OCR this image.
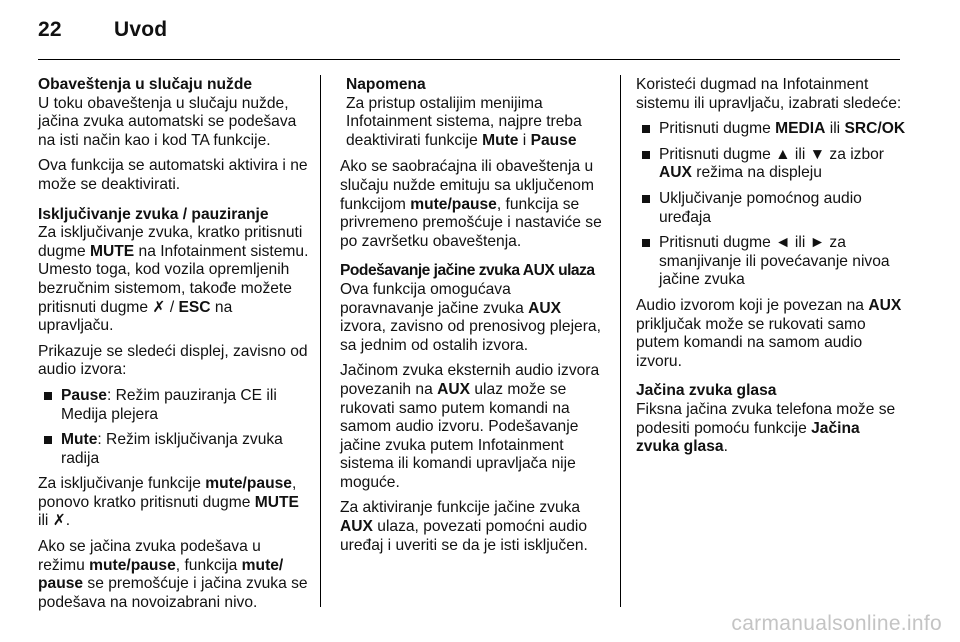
22 Uvod

Obaveštenja u slučaju nužde

U toku obaveštenja u slučaju nužde, jačina zvuka automatski se podešava na isti način kao i kod TA funkcije.

Ova funkcija se automatski aktivira i ne može se deaktivirati.

Isključivanje zvuka / pauziranje

Za isključivanje zvuka, kratko pritisnuti dugme MUTE na Infotainment sistemu. Umesto toga, kod vozila opremljenih bezručnim sistemom, takođe možete pritisnuti dugme ✗ / ESC na upravljaču.

Prikazuje se sledeći displej, zavisno od audio izvora:

Pause: Režim pauziranja CE ili Medija plejera
Mute: Režim isključivanja zvuka radija

Za isključivanje funkcije mute/pause, ponovo kratko pritisnuti dugme MUTE ili ✗.

Ako se jačina zvuka podešava u režimu mute/pause, funkcija mute/ pause se premošćuje i jačina zvuka se podešava na novoizabrani nivo.

Napomena
Za pristup ostalijim menijima Infotainment sistema, najpre treba deaktivirati funkcije Mute i Pause

Ako se saobraćajna ili obaveštenja u slučaju nužde emituju sa uključenom funkcijom mute/pause, funkcija se privremeno premošćuje i nastaviće se po završetku obaveštenja.

Podešavanje jačine zvuka AUX ulaza

Ova funkcija omogućava poravnavanje jačine zvuka AUX izvora, zavisno od prenosivog plejera, sa jednim od ostalih izvora.

Jačinom zvuka eksternih audio izvora povezanih na AUX ulaz može se rukovati samo putem komandi na samom audio izvoru. Podešavanje jačine zvuka putem Infotainment sistema ili komandi upravljača nije moguće.

Za aktiviranje funkcije jačine zvuka AUX ulaza, povezati pomoćni audio uređaj i uveriti se da je isti isključen.

Koristeći dugmad na Infotainment sistemu ili upravljaču, izabrati sledeće:

Pritisnuti dugme MEDIA ili SRC/OK
Pritisnuti dugme ▲ ili ▼ za izbor AUX režima na displeju
Uključivanje pomoćnog audio uređaja
Pritisnuti dugme ◄ ili ► za smanjivanje ili povećavanje nivoa jačine zvuka

Audio izvorom koji je povezan na AUX priključak može se rukovati samo putem komandi na samom audio izvoru.

Jačina zvuka glasa

Fiksna jačina zvuka telefona može se podesiti pomoću funkcije Jačina zvuka glasa.

carmanualsonline.info
